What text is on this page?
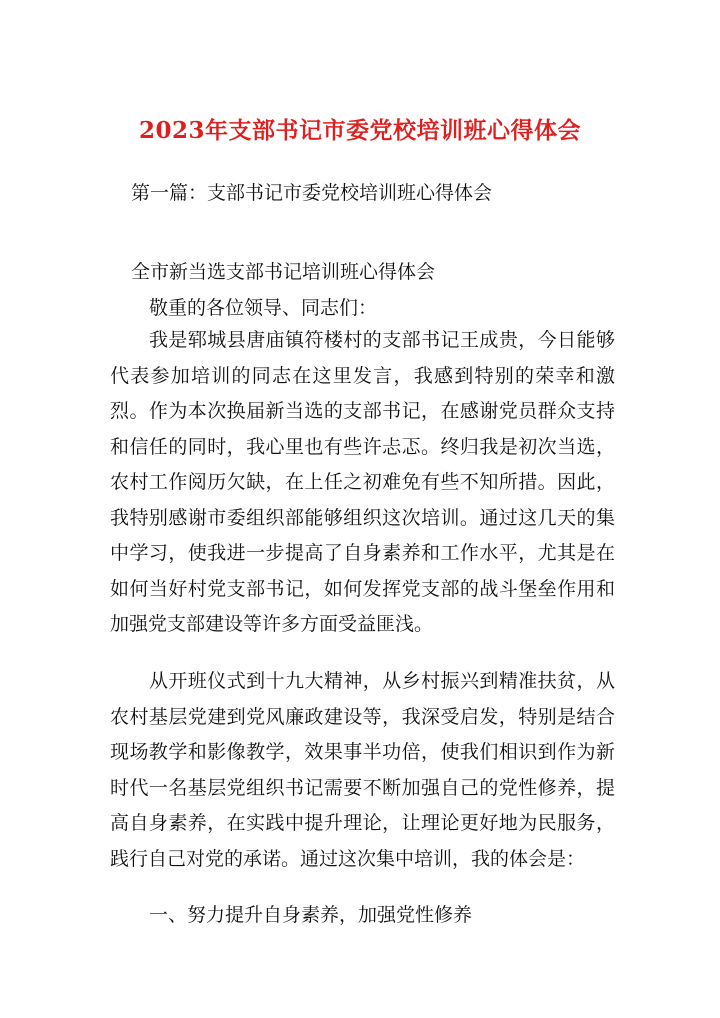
2023年支部书记市委党校培训班心得体会
第一篇：支部书记市委党校培训班心得体会
全市新当选支部书记培训班心得体会
敬重的各位领导、同志们：

我是郓城县唐庙镇符楼村的支部书记王成贵，今日能够代表参加培训的同志在这里发言，我感到特别的荣幸和激烈。作为本次换届新当选的支部书记，在感谢党员群众支持和信任的同时，我心里也有些许忐忑。终归我是初次当选，农村工作阅历欠缺，在上任之初难免有些不知所措。因此，我特别感谢市委组织部能够组织这次培训。通过这几天的集中学习，使我进一步提高了自身素养和工作水平，尤其是在如何当好村党支部书记，如何发挥党支部的战斗堡垒作用和加强党支部建设等许多方面受益匪浅。

从开班仪式到十九大精神，从乡村振兴到精准扶贫，从农村基层党建到党风廉政建设等，我深受启发，特别是结合现场教学和影像教学，效果事半功倍，使我们相识到作为新时代一名基层党组织书记需要不断加强自己的党性修养，提高自身素养，在实践中提升理论，让理论更好地为民服务，践行自己对党的承诺。通过这次集中培训，我的体会是：

一、努力提升自身素养，加强党性修养
